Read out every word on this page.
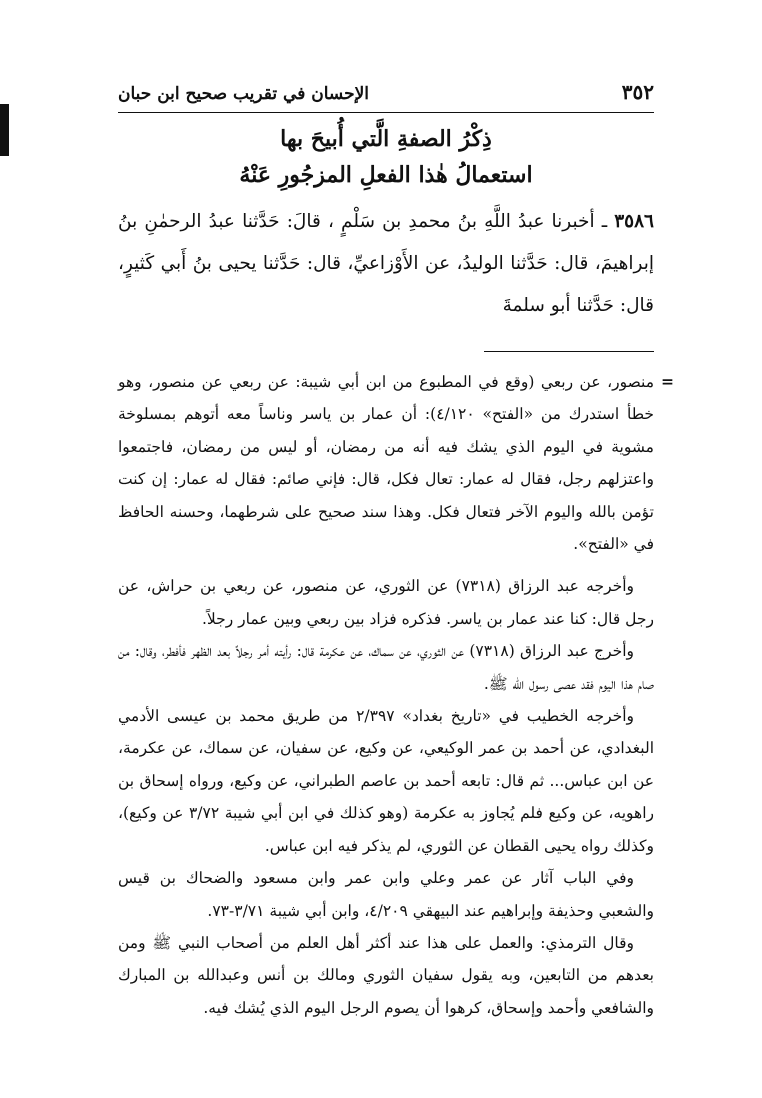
٣٥٢
الإحسان في تقريب صحيح ابن حبان
ذِكْرُ الصفةِ الَّتي أُبيحَ بها
استعمالُ هٰذا الفعلِ المزجُورِ عَنْهُ
٣٥٨٦ ـ أخبرنا عبدُ اللَّهِ بنُ محمدِ بن سَلْمٍ ، قالَ: حَدَّثنا عبدُ الرحمٰنِ بنُ إبراهيمَ، قال: حَدَّثنا الوليدُ، عن الأَوْزاعيِّ، قال: حَدَّثنا يحيى بنُ أَبي كَثيرٍ، قال: حَدَّثنا أبو سلمةَ

=
منصور، عن ربعي (وقع في المطبوع من ابن أبي شيبة: عن ربعي عن منصور، وهو خطأ استدرك من «الفتح» ٤/١٢٠): أن عمار بن ياسر وناساً معه أتوهم بمسلوخة مشوية في اليوم الذي يشك فيه أنه من رمضان، أو ليس من رمضان، فاجتمعوا واعتزلهم رجل، فقال له عمار: تعال فكل، قال: فإني صائم: فقال له عمار: إن كنت تؤمن بالله واليوم الآخر فتعال فكل. وهذا سند صحيح على شرطهما، وحسنه الحافظ في «الفتح».

وأخرجه عبد الرزاق (٧٣١٨) عن الثوري، عن منصور، عن ربعي بن حراش، عن رجل قال: كنا عند عمار بن ياسر. فذكره فزاد بين ربعي وبين عمار رجلاً.

وأخرج عبد الرزاق (٧٣١٨) عن الثوري، عن سماك، عن عكرمة قال: رأيته أمر رجلاً بعد الظهر فأفطر، وقال: من صام هذا اليوم فقد عصى رسول الله ﷺ.

وأخرجه الخطيب في «تاريخ بغداد» ٢/٣٩٧ من طريق محمد بن عيسى الأدمي البغدادي، عن أحمد بن عمر الوكيعي، عن وكيع، عن سفيان، عن سماك، عن عكرمة، عن ابن عباس... ثم قال: تابعه أحمد بن عاصم الطبراني، عن وكيع، ورواه إسحاق بن راهويه، عن وكيع فلم يُجاوز به عكرمة (وهو كذلك في ابن أبي شيبة ٣/٧٢ عن وكيع)، وكذلك رواه يحيى القطان عن الثوري، لم يذكر فيه ابن عباس.

وفي الباب آثار عن عمر وعلي وابن عمر وابن مسعود والضحاك بن قيس والشعبي وحذيفة وإبراهيم عند البيهقي ٤/٢٠٩، وابن أبي شيبة ٣/٧١-٧٣.

وقال الترمذي: والعمل على هذا عند أكثر أهل العلم من أصحاب النبي ﷺ ومن بعدهم من التابعين، وبه يقول سفيان الثوري ومالك بن أنس وعبدالله بن المبارك والشافعي وأحمد وإسحاق، كرهوا أن يصوم الرجل اليوم الذي يُشك فيه.
